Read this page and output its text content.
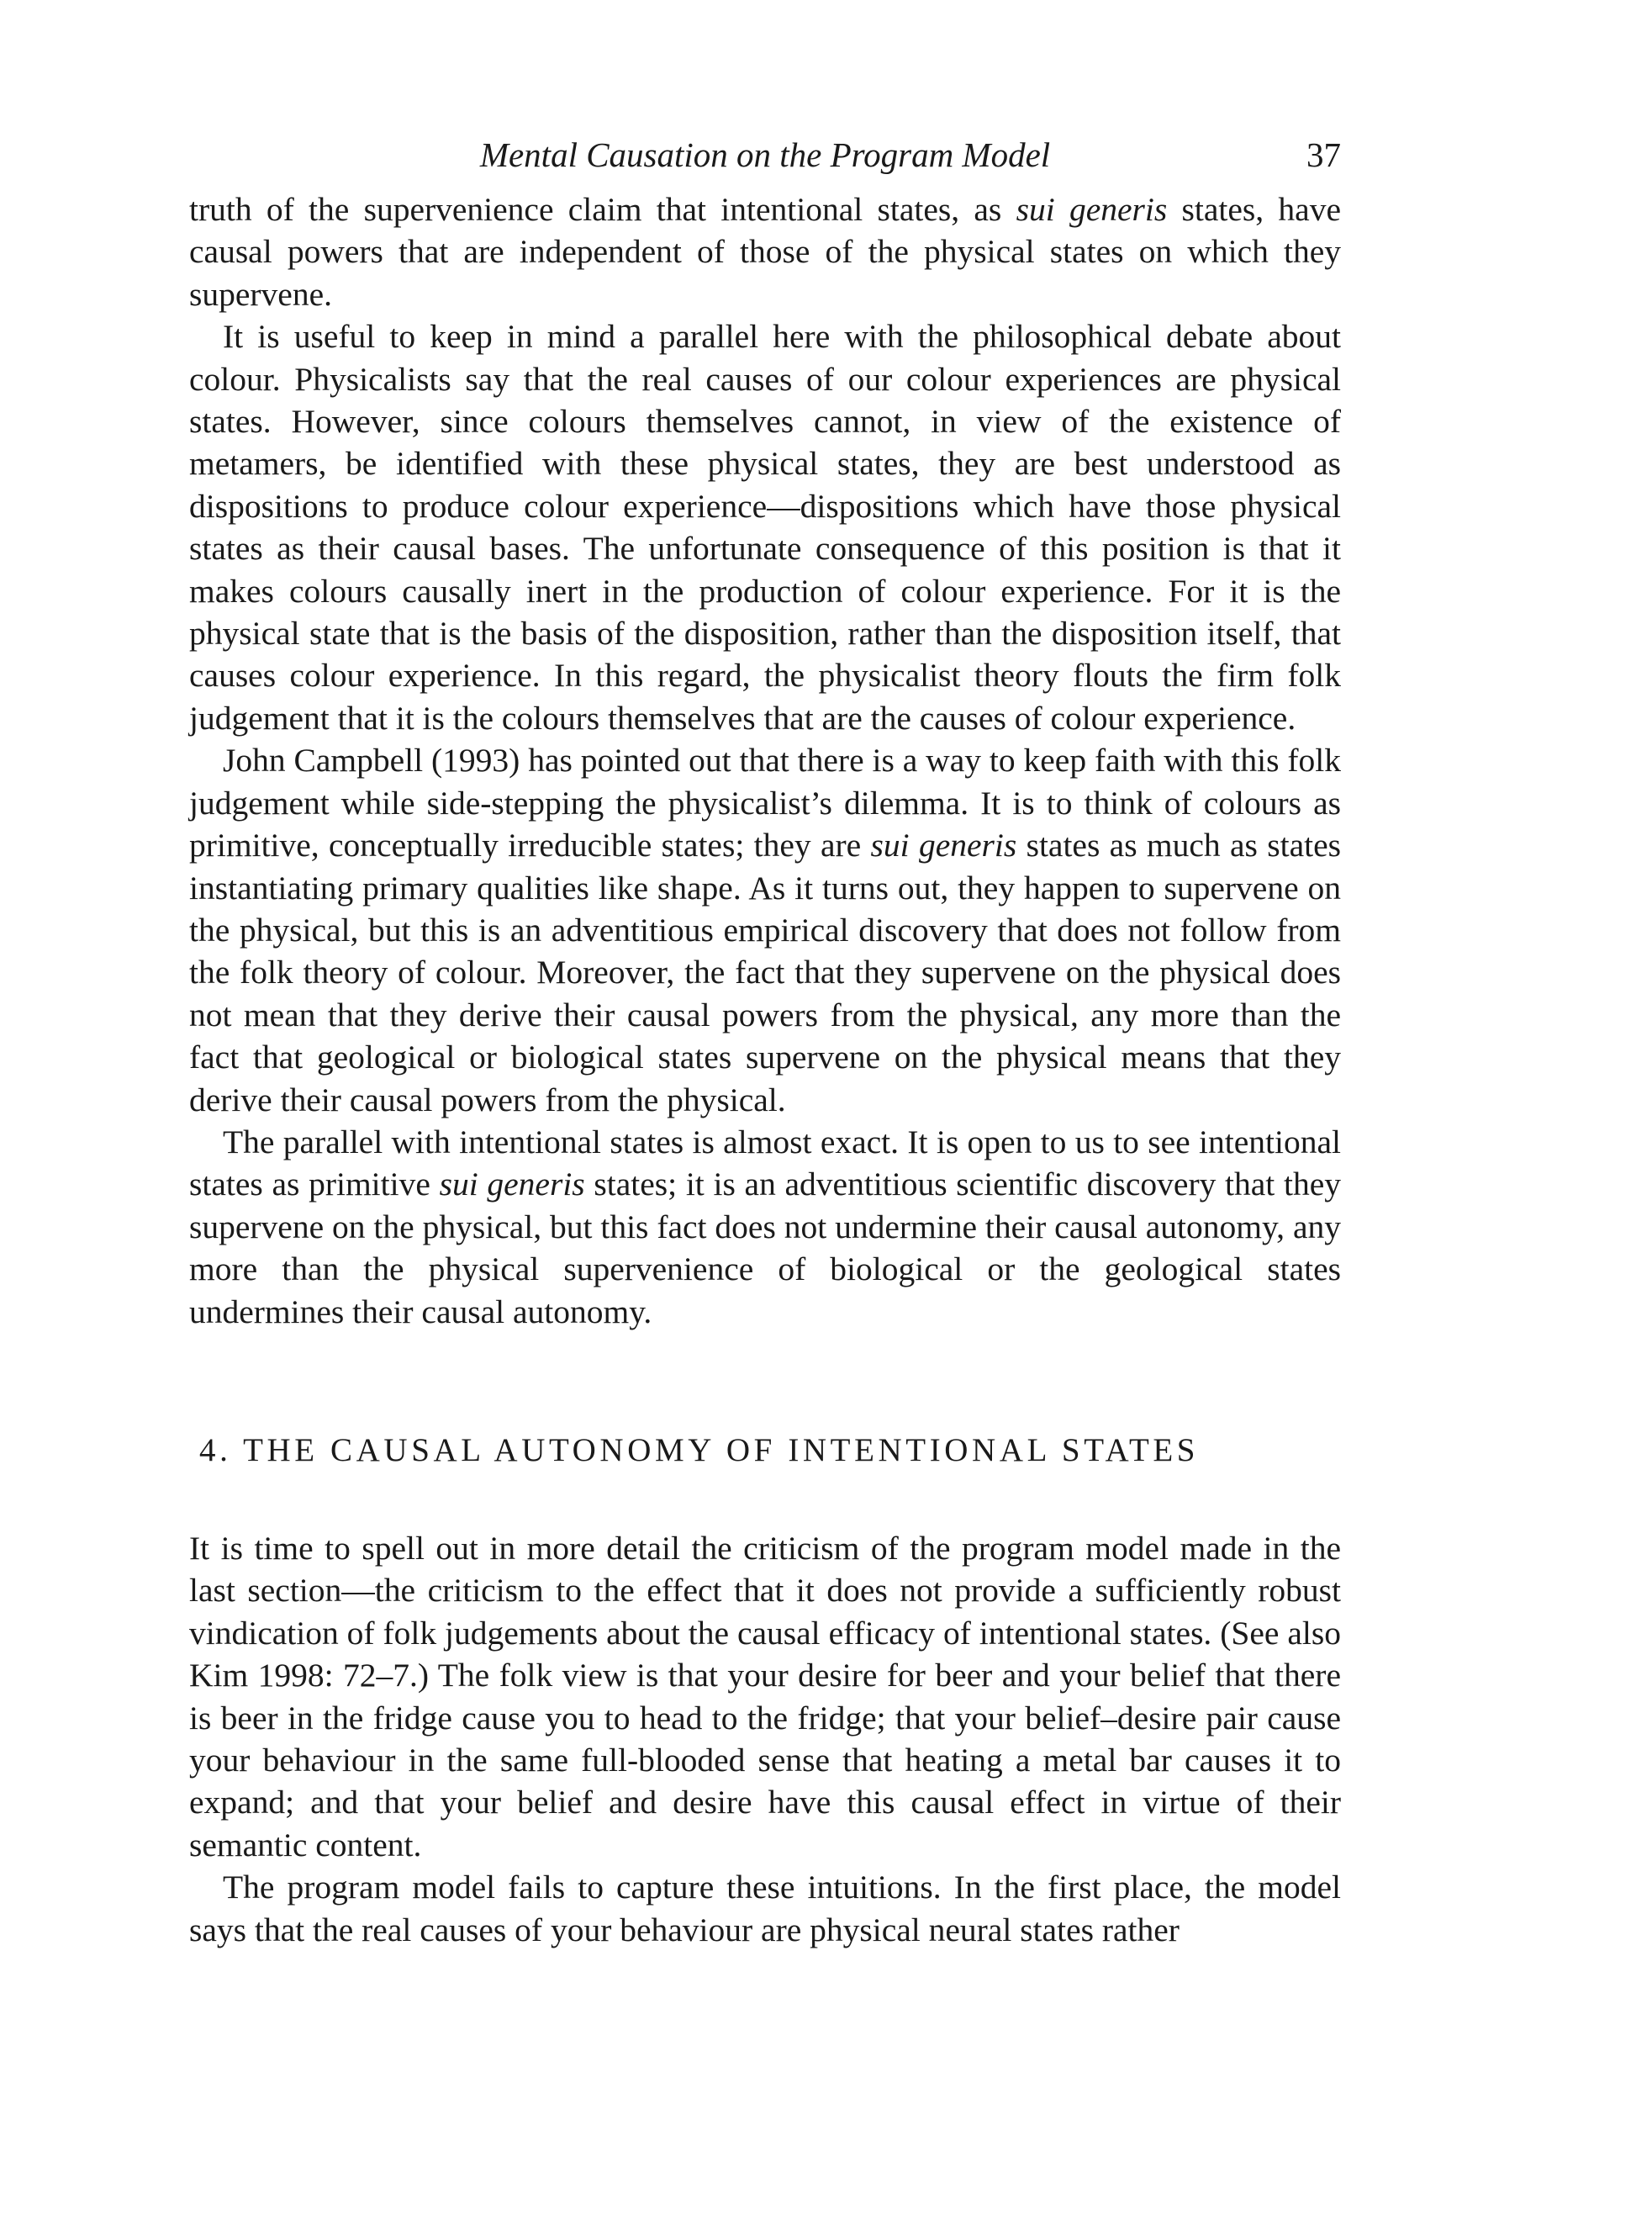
Mental Causation on the Program Model	37

truth of the supervenience claim that intentional states, as sui generis states, have causal powers that are independent of those of the physical states on which they supervene.

It is useful to keep in mind a parallel here with the philosophical debate about colour. Physicalists say that the real causes of our colour experiences are physical states. However, since colours themselves cannot, in view of the existence of metamers, be identified with these physical states, they are best understood as dispositions to produce colour experience—dispositions which have those physical states as their causal bases. The unfortunate consequence of this position is that it makes colours causally inert in the production of colour experience. For it is the physical state that is the basis of the disposition, rather than the disposition itself, that causes colour experience. In this regard, the physicalist theory flouts the firm folk judgement that it is the colours themselves that are the causes of colour experience.

John Campbell (1993) has pointed out that there is a way to keep faith with this folk judgement while side-stepping the physicalist’s dilemma. It is to think of colours as primitive, conceptually irreducible states; they are sui generis states as much as states instantiating primary qualities like shape. As it turns out, they happen to supervene on the physical, but this is an adventitious empirical discovery that does not follow from the folk theory of colour. Moreover, the fact that they supervene on the physical does not mean that they derive their causal powers from the physical, any more than the fact that geological or biological states supervene on the physical means that they derive their causal powers from the physical.

The parallel with intentional states is almost exact. It is open to us to see intentional states as primitive sui generis states; it is an adventitious scientific discovery that they supervene on the physical, but this fact does not undermine their causal autonomy, any more than the physical supervenience of biological or the geological states undermines their causal autonomy.

4. THE CAUSAL AUTONOMY OF INTENTIONAL STATES

It is time to spell out in more detail the criticism of the program model made in the last section—the criticism to the effect that it does not provide a sufficiently robust vindication of folk judgements about the causal efficacy of intentional states. (See also Kim 1998: 72–7.) The folk view is that your desire for beer and your belief that there is beer in the fridge cause you to head to the fridge; that your belief–desire pair cause your behaviour in the same full-blooded sense that heating a metal bar causes it to expand; and that your belief and desire have this causal effect in virtue of their semantic content.

The program model fails to capture these intuitions. In the first place, the model says that the real causes of your behaviour are physical neural states rather
